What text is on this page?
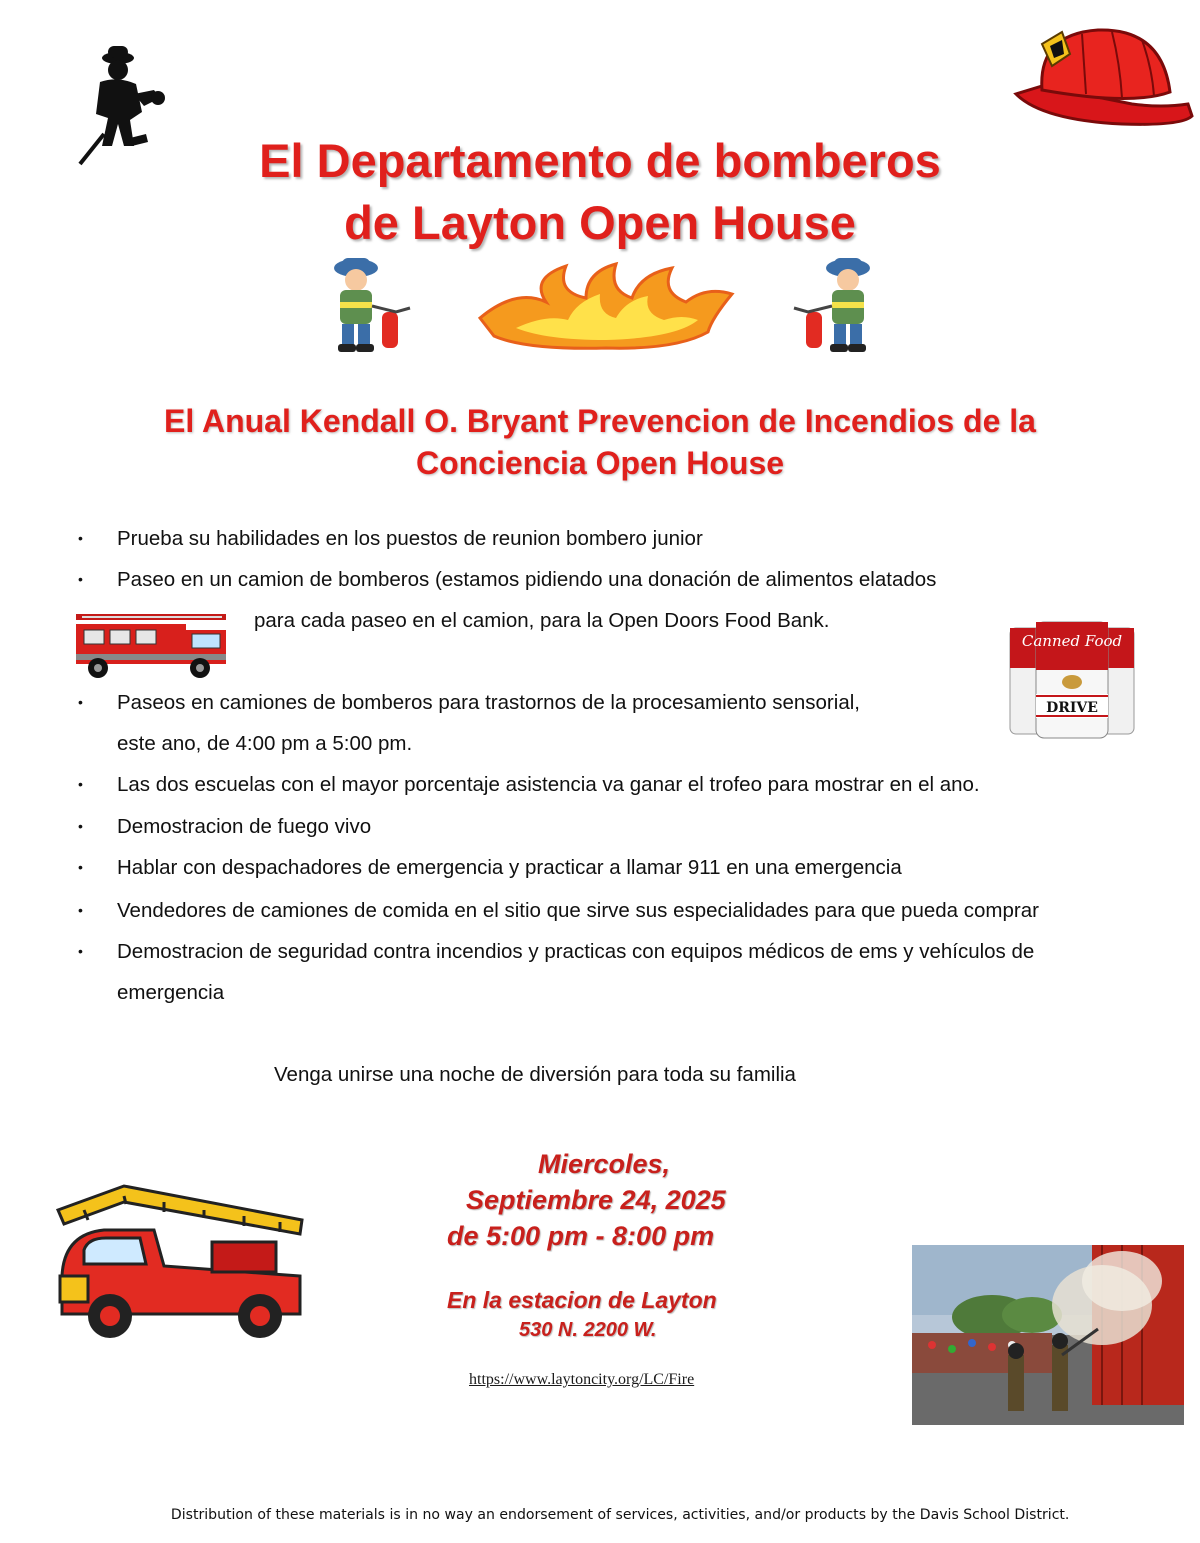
El Departamento de bomberos
de Layton Open House
El Anual Kendall O. Bryant Prevencion de Incendios de la
Conciencia Open House
• Prueba su habilidades en los puestos de reunion bombero junior
• Paseo en un camion de bomberos (estamos pidiendo una donación de alimentos elatados
para cada paseo en el camion, para la Open Doors Food Bank.
• Paseos en camiones de bomberos para trastornos de la procesamiento sensorial,
este ano, de 4:00 pm a 5:00 pm.
• Las dos escuelas con el mayor porcentaje asistencia va ganar el trofeo para mostrar en el ano.
• Demostracion de fuego vivo
• Hablar con despachadores de emergencia y practicar a llamar 911 en una emergencia
• Vendedores de camiones de comida en el sitio que sirve sus especialidades para que pueda comprar
• Demostracion de seguridad contra incendios y practicas con equipos médicos de ems y vehículos de
emergencia
Canned Food
DRIVE
Venga unirse una noche de diversión para toda su familia
Miercoles,
Septiembre 24, 2025
de 5:00 pm - 8:00 pm
En la estacion de Layton
530 N. 2200 W.
https://www.laytoncity.org/LC/Fire
Distribution of these materials is in no way an endorsement of services, activities, and/or products by the Davis School District.
